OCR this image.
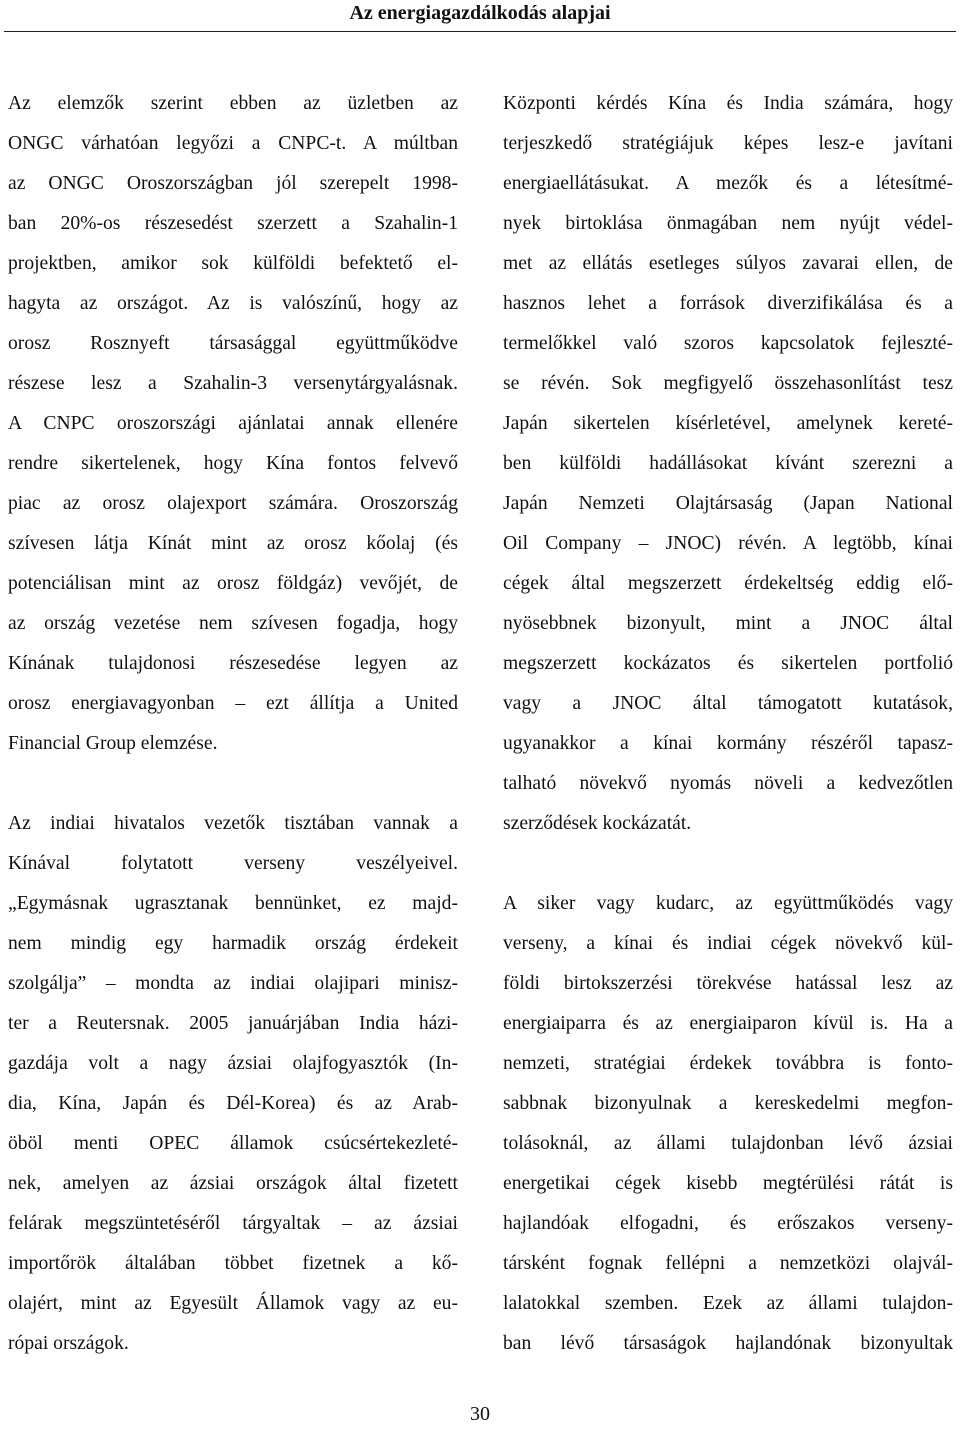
Az energiagazdálkodás alapjai
Az elemzők szerint ebben az üzletben az
ONGC várhatóan legyőzi a CNPC-t. A múltban
az ONGC Oroszországban jól szerepelt 1998-
ban 20%-os részesedést szerzett a Szahalin-1
projektben, amikor sok külföldi befektető el-
hagyta az országot. Az is valószínű, hogy az
orosz Rosznyeft társasággal együttműködve
részese lesz a Szahalin-3 versenytárgyalásnak.
A CNPC oroszországi ajánlatai annak ellenére
rendre sikertelenek, hogy Kína fontos felvevő
piac az orosz olajexport számára. Oroszország
szívesen látja Kínát mint az orosz kőolaj (és
potenciálisan mint az orosz földgáz) vevőjét, de
az ország vezetése nem szívesen fogadja, hogy
Kínának tulajdonosi részesedése legyen az
orosz energiavagyonban – ezt állítja a United
Financial Group elemzése.
Az indiai hivatalos vezetők tisztában vannak a
Kínával folytatott verseny veszélyeivel.
„Egymásnak ugrasztanak bennünket, ez majd-
nem mindig egy harmadik ország érdekeit
szolgálja” – mondta az indiai olajipari minisz-
ter a Reutersnak. 2005 januárjában India házi-
gazdája volt a nagy ázsiai olajfogyasztók (In-
dia, Kína, Japán és Dél-Korea) és az Arab-
öböl menti OPEC államok csúcsértekezleté-
nek, amelyen az ázsiai országok által fizetett
felárak megszüntetéséről tárgyaltak – az ázsiai
importőrök általában többet fizetnek a kő-
olajért, mint az Egyesült Államok vagy az eu-
rópai országok.
Központi kérdés Kína és India számára, hogy
terjeszkedő stratégiájuk képes lesz-e javítani
energiaellátásukat. A mezők és a létesítmé-
nyek birtoklása önmagában nem nyújt védel-
met az ellátás esetleges súlyos zavarai ellen, de
hasznos lehet a források diverzifikálása és a
termelőkkel való szoros kapcsolatok fejleszté-
se révén. Sok megfigyelő összehasonlítást tesz
Japán sikertelen kísérletével, amelynek kereté-
ben külföldi hadállásokat kívánt szerezni a
Japán Nemzeti Olajtársaság (Japan National
Oil Company – JNOC) révén. A legtöbb, kínai
cégek által megszerzett érdekeltség eddig elő-
nyösebbnek bizonyult, mint a JNOC által
megszerzett kockázatos és sikertelen portfolió
vagy a JNOC által támogatott kutatások,
ugyanakkor a kínai kormány részéről tapasz-
talható növekvő nyomás növeli a kedvezőtlen
szerződések kockázatát.
A siker vagy kudarc, az együttműködés vagy
verseny, a kínai és indiai cégek növekvő kül-
földi birtokszerzési törekvése hatással lesz az
energiaiparra és az energiaiparon kívül is. Ha a
nemzeti, stratégiai érdekek továbbra is fonto-
sabbnak bizonyulnak a kereskedelmi megfon-
tolásoknál, az állami tulajdonban lévő ázsiai
energetikai cégek kisebb megtérülési rátát is
hajlandóak elfogadni, és erőszakos verseny-
társként fognak fellépni a nemzetközi olajvál-
lalatokkal szemben. Ezek az állami tulajdon-
ban lévő társaságok hajlandónak bizonyultak
30
